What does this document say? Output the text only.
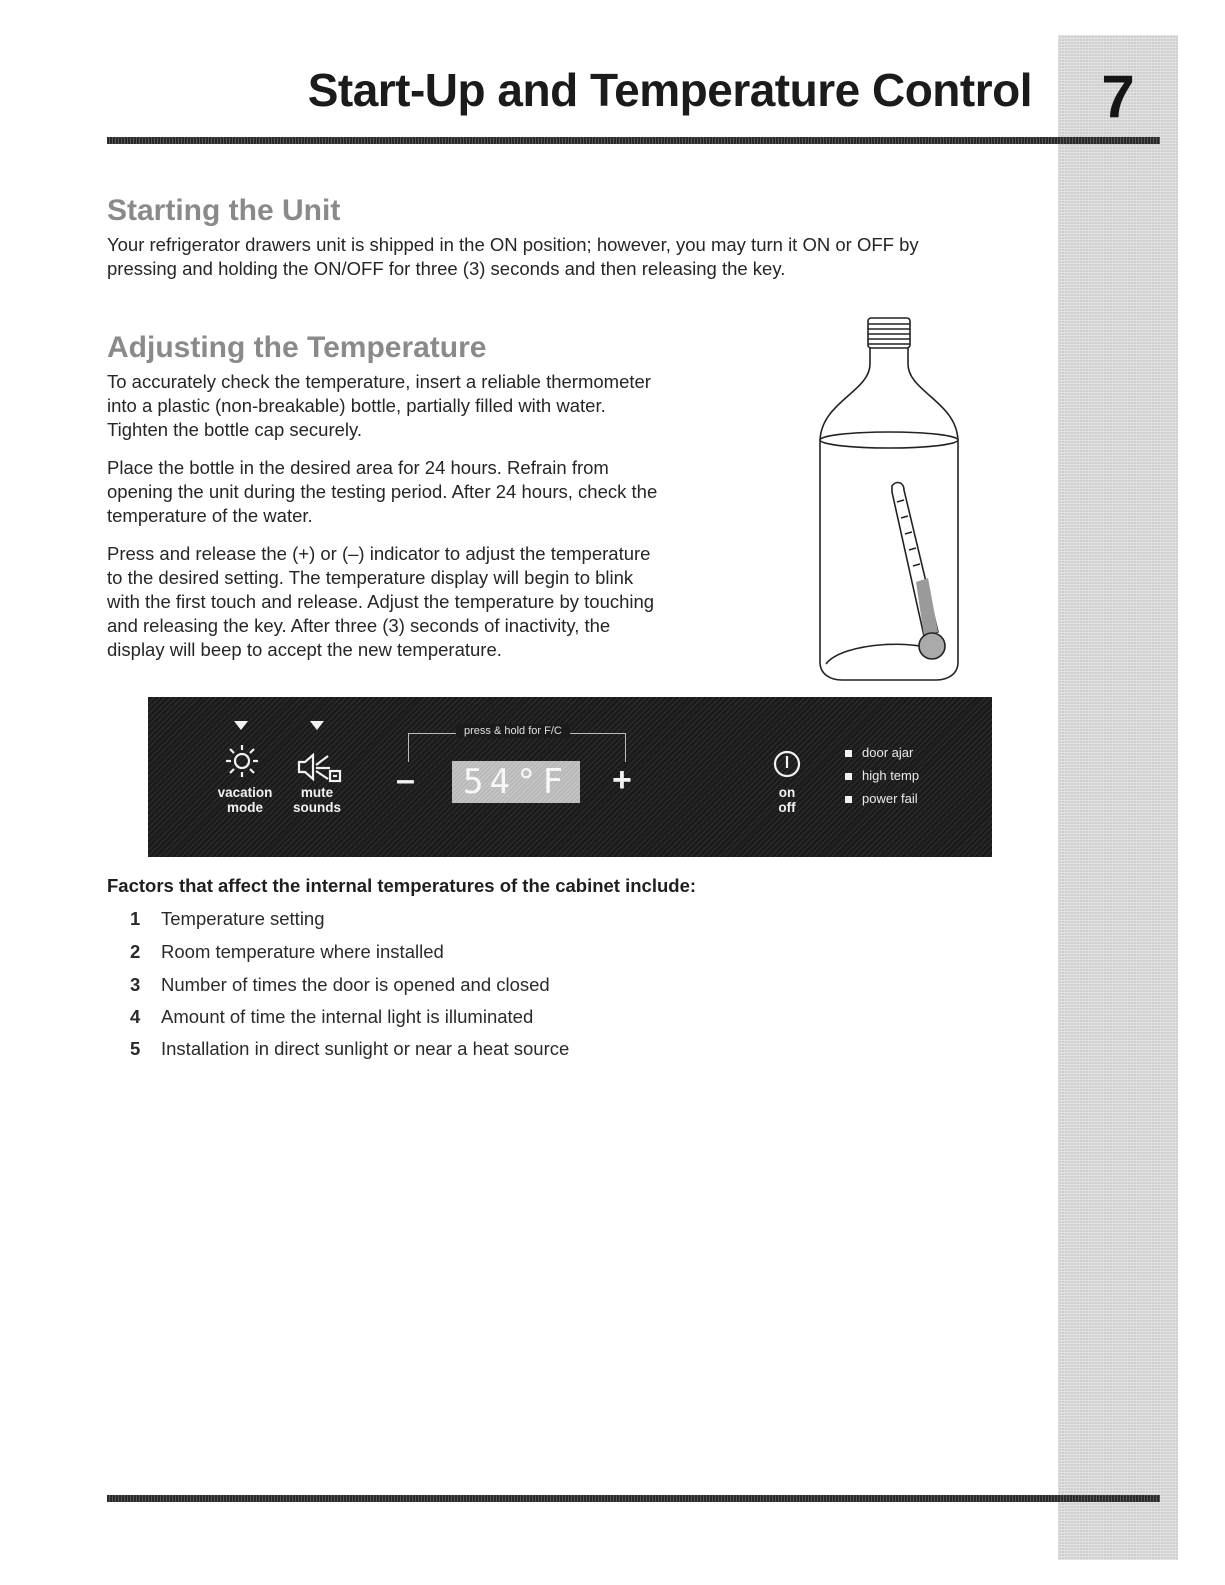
7
Start-Up and Temperature Control
Starting the Unit

Your refrigerator drawers unit is shipped in the ON position; however, you may turn it ON or OFF by

pressing and holding the ON/OFF for three (3) seconds and then releasing the key.

Adjusting the Temperature

To accurately check the temperature, insert a reliable thermometer

into a plastic (non-breakable) bottle, partially filled with water.

Tighten the bottle cap securely.

Place the bottle in the desired area for 24 hours. Refrain from

opening the unit during the testing period. After 24 hours, check the

temperature of the water.

Press and release the (+) or (–) indicator to adjust the temperature

to the desired setting. The temperature display will begin to blink

with the first touch and release. Adjust the temperature by touching

and releasing the key. After three (3) seconds of inactivity, the

display will beep to accept the new temperature.

vacation
mode
mute
sounds
press & hold for F/C
–	54°F	+	on
off
door ajar
high temp
power fail
Factors that affect the internal temperatures of the cabinet include:
1 Temperature setting
2 Room temperature where installed
3 Number of times the door is opened and closed
4 Amount of time the internal light is illuminated
5 Installation in direct sunlight or near a heat source
